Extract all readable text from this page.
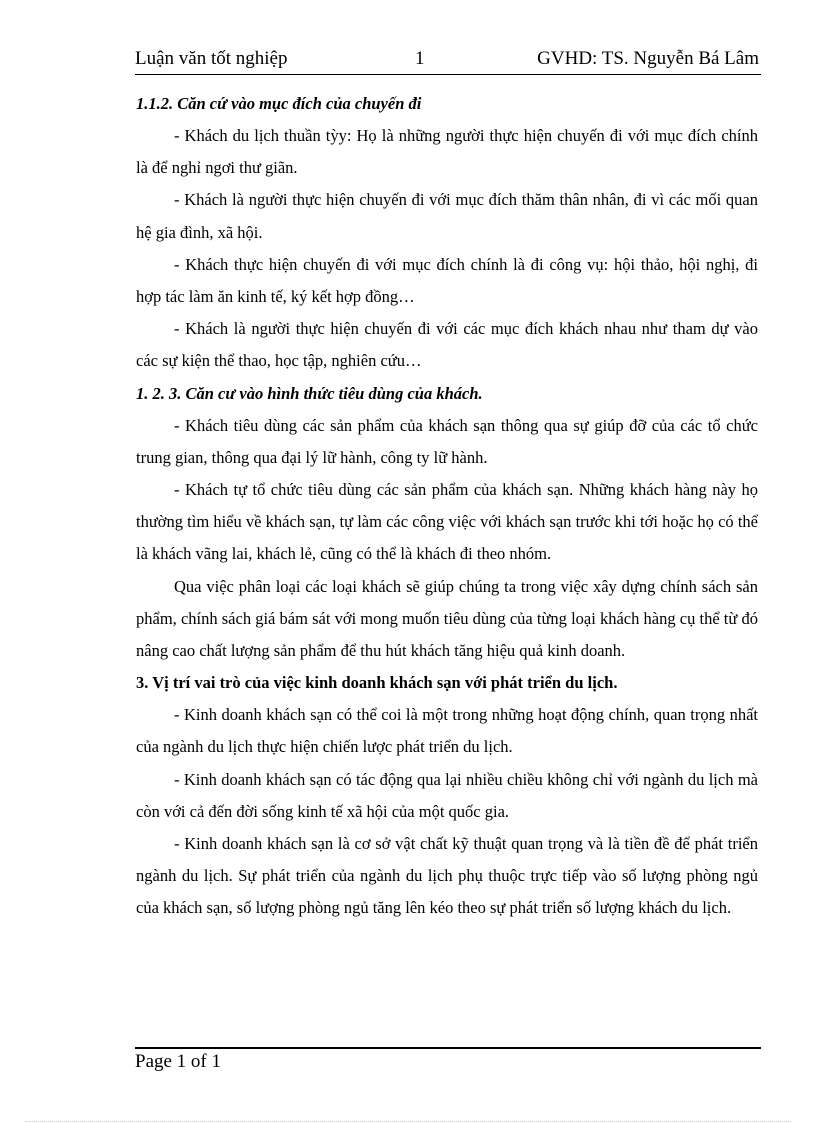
Luận văn tốt nghiệp	1	GVHD: TS. Nguyễn Bá Lâm

1.1.2. Căn cứ vào mục đích của chuyến đi

- Khách du lịch thuần tỳy: Họ là những người thực hiện chuyến đi với mục đích chính là để nghỉ ngơi thư giãn.

- Khách là người thực hiện chuyến đi với mục đích thăm thân nhân, đi vì các mối quan hệ gia đình, xã hội.

- Khách thực hiện chuyến đi với mục đích chính là đi công vụ: hội thảo, hội nghị, đi hợp tác làm ăn kinh tế, ký kết hợp đồng…

- Khách là người thực hiện chuyến đi với các mục đích khách nhau như tham dự vào các sự kiện thể thao, học tập, nghiên cứu…

1. 2. 3. Căn cư vào hình thức tiêu dùng của khách.

- Khách tiêu dùng các sản phẩm của khách sạn thông qua sự giúp đỡ của các tổ chức trung gian, thông qua đại lý lữ hành, công ty lữ hành.

- Khách tự tổ chức tiêu dùng các sản phẩm của khách sạn. Những khách hàng này họ thường tìm hiểu về khách sạn, tự làm các công việc với khách sạn trước khi tới hoặc họ có thể là khách vãng lai, khách lẻ, cũng có thể là khách đi theo nhóm.

Qua việc phân loại các loại khách sẽ giúp chúng ta trong việc xây dựng chính sách sản phẩm, chính sách giá bám sát với mong muốn tiêu dùng của từng loại khách hàng cụ thể từ đó nâng cao chất lượng sản phẩm để thu hút khách tăng hiệu quả kinh doanh.

3. Vị trí vai trò của việc kinh doanh khách sạn với phát triển du lịch.

- Kinh doanh khách sạn có thể coi là một trong những hoạt động chính, quan trọng nhất của ngành du lịch thực hiện chiến lược phát triển du lịch.

- Kinh doanh khách sạn có tác động qua lại nhiều chiều không chỉ với ngành du lịch mà còn với cả đến đời sống kinh tế xã hội của một quốc gia.

- Kinh doanh khách sạn là cơ sở vật chất kỹ thuật quan trọng và là tiền đề để phát triển ngành du lịch. Sự phát triển của ngành du lịch phụ thuộc trực tiếp vào số lượng phòng ngủ của khách sạn, số lượng phòng ngủ tăng lên kéo theo sự phát triển số lượng khách du lịch.

Page 1 of 1
